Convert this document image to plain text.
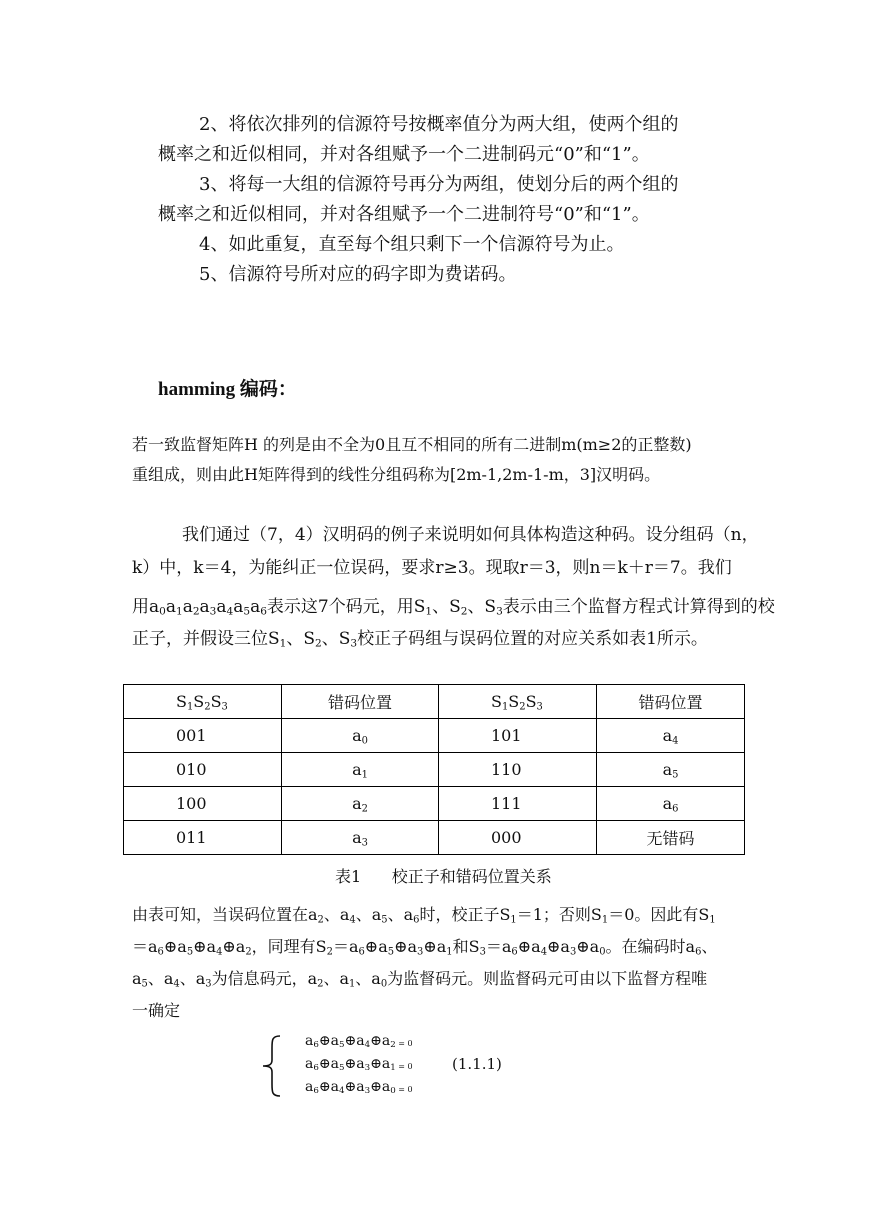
2、将依次排列的信源符号按概率值分为两大组，使两个组的

概率之和近似相同，并对各组赋予一个二进制码元“0”和“1”。

3、将每一大组的信源符号再分为两组，使划分后的两个组的

概率之和近似相同，并对各组赋予一个二进制符号“0”和“1”。

4、如此重复，直至每个组只剩下一个信源符号为止。

5、信源符号所对应的码字即为费诺码。

hamming 编码：

若一致监督矩阵H 的列是由不全为0且互不相同的所有二进制m(m≥2的正整数)

重组成，则由此H矩阵得到的线性分组码称为[2m-1,2m-1-m，3]汉明码。

我们通过（7，4）汉明码的例子来说明如何具体构造这种码。设分组码（n，

k）中，k＝4，为能纠正一位误码，要求r≥3。现取r＝3，则n＝k＋r＝7。我们

用$a_0a_1a_2a_3a_4a_5a_6$表示这7个码元，用$S_1$、$S_2$、$S_3$表示由三个监督方程式计算得到的校

正子，并假设三位$S_1$、$S_2$、$S_3$校正子码组与误码位置的对应关系如表1所示。

$S_1S_2S_3$	错码位置	$S_1S_2S_3$	错码位置
001	$a_0$	101	$a_4$
010	$a_1$	110	$a_5$
100	$a_2$	111	$a_6$
011	$a_3$	000	无错码

表1      校正子和错码位置关系

由表可知，当误码位置在$a_2$、$a_4$、$a_5$、$a_6$时，校正子$S_1=1$；否则$S_1=0$。因此有$S_1$

$=a_6\oplus a_5\oplus a_4\oplus a_2$，同理有$S_2=a_6\oplus a_5\oplus a_3\oplus a_1$和$S_3=a_6\oplus a_4\oplus a_3\oplus a_0$。在编码时$a_6$、

$a_5$、$a_4$、$a_3$为信息码元，$a_2$、$a_1$、$a_0$为监督码元。则监督码元可由以下监督方程唯

一确定

$a_6\oplus a_5\oplus a_4\oplus a_2 = 0$

$a_6\oplus a_5\oplus a_3\oplus a_1 = 0$

$a_6\oplus a_4\oplus a_3\oplus a_0 = 0$

(1.1.1)
